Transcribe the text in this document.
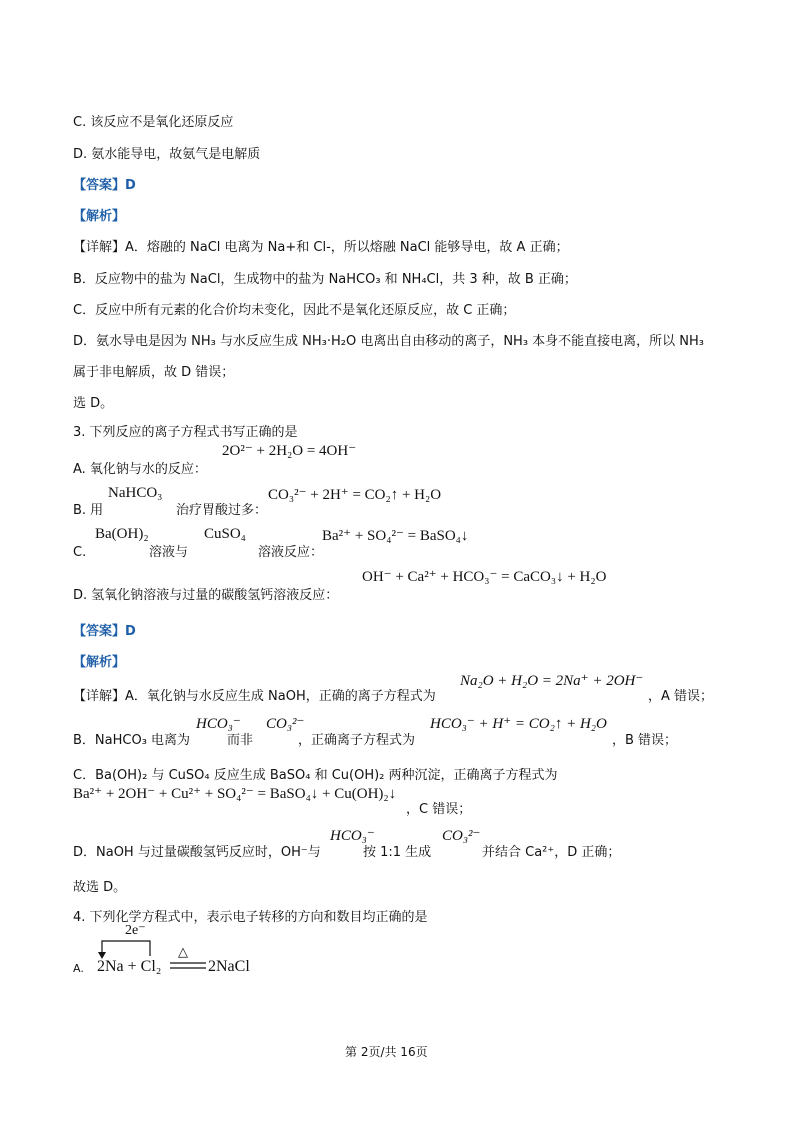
C. 该反应不是氧化还原反应
D. 氨水能导电，故氨气是电解质
【答案】D
【解析】
【详解】A．熔融的 NaCl 电离为 Na+和 Cl-，所以熔融 NaCl 能够导电，故 A 正确；
B．反应物中的盐为 NaCl，生成物中的盐为 NaHCO₃ 和 NH₄Cl，共 3 种，故 B 正确；
C．反应中所有元素的化合价均未变化，因此不是氧化还原反应，故 C 正确；
D．氨水导电是因为 NH₃ 与水反应生成 NH₃·H₂O 电离出自由移动的离子，NH₃ 本身不能直接电离，所以 NH₃
属于非电解质，故 D 错误；
选 D。
3. 下列反应的离子方程式书写正确的是
2O²⁻ + 2H₂O = 4OH⁻
A. 氧化钠与水的反应：
NaHCO₃	CO₃²⁻ + 2H⁺ = CO₂↑ + H₂O
B. 用	治疗胃酸过多：
Ba(OH)₂	CuSO₄	Ba²⁺ + SO₄²⁻ = BaSO₄↓
C.	溶液与	溶液反应：
OH⁻ + Ca²⁺ + HCO₃⁻ = CaCO₃↓ + H₂O
D. 氢氧化钠溶液与过量的碳酸氢钙溶液反应：
【答案】D
【解析】
Na₂O + H₂O = 2Na⁺ + 2OH⁻
【详解】A．氧化钠与水反应生成 NaOH，正确的离子方程式为	，A 错误；
HCO₃⁻ CO₃²⁻	HCO₃⁻ + H⁺ = CO₂↑ + H₂O
B．NaHCO₃ 电离为	而非	，正确离子方程式为	，B 错误；
C．Ba(OH)₂ 与 CuSO₄ 反应生成 BaSO₄ 和 Cu(OH)₂ 两种沉淀，正确离子方程式为
Ba²⁺ + 2OH⁻ + Cu²⁺ + SO₄²⁻ = BaSO₄↓ + Cu(OH)₂↓
，C 错误；
HCO₃⁻	CO₃²⁻
D．NaOH 与过量碳酸氢钙反应时，OH⁻与	按 1:1 生成	并结合 Ca²⁺，D 正确；
故选 D。
4. 下列化学方程式中，表示电子转移的方向和数目均正确的是
A.
2e⁻
2Na + Cl₂
△
2NaCl
第 2页/共 16页
